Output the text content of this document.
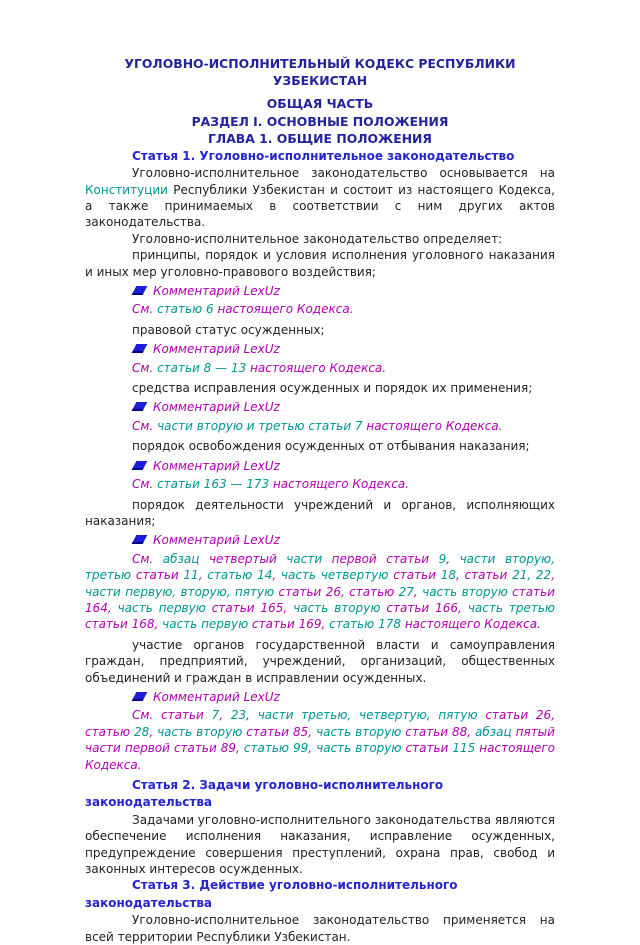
УГОЛОВНО-ИСПОЛНИТЕЛЬНЫЙ КОДЕКС РЕСПУБЛИКИ УЗБЕКИСТАН
ОБЩАЯ ЧАСТЬ
РАЗДЕЛ I. ОСНОВНЫЕ ПОЛОЖЕНИЯ
ГЛАВА 1. ОБЩИЕ ПОЛОЖЕНИЯ
Статья 1. Уголовно-исполнительное законодательство

Уголовно-исполнительное законодательство основывается на Конституции Республики Узбекистан и состоит из настоящего Кодекса, а также принимаемых в соответствии с ним других актов законодательства.

Уголовно-исполнительное законодательство определяет:

принципы, порядок и условия исполнения уголовного наказания и иных мер уголовно-правового воздействия;

Комментарий LexUz

См. статью 6 настоящего Кодекса.

правовой статус осужденных;

Комментарий LexUz

См. статьи 8 — 13 настоящего Кодекса.

средства исправления осужденных и порядок их применения;

Комментарий LexUz

См. части вторую и третью статьи 7 настоящего Кодекса.

порядок освобождения осужденных от отбывания наказания;

Комментарий LexUz

См. статьи 163 — 173 настоящего Кодекса.

порядок деятельности учреждений и органов, исполняющих наказания;

Комментарий LexUz

См. абзац четвертый части первой статьи 9, части вторую, третью статьи 11, статью 14, часть четвертую статьи 18, статьи 21, 22, части первую, вторую, пятую статьи 26, статью 27, часть вторую статьи 164, часть первую статьи 165, часть вторую статьи 166, часть третью статьи 168, часть первую статьи 169, статью 178 настоящего Кодекса.

участие органов государственной власти и самоуправления граждан, предприятий, учреждений, организаций, общественных объединений и граждан в исправлении осужденных.

Комментарий LexUz

См. статьи 7, 23, части третью, четвертую, пятую статьи 26, статью 28, часть вторую статьи 85, часть вторую статьи 88, абзац пятый части первой статьи 89, статью 99, часть вторую статьи 115 настоящего Кодекса.

Статья 2. Задачи уголовно-исполнительного законодательства

Задачами уголовно-исполнительного законодательства являются обеспечение исполнения наказания, исправление осужденных, предупреждение совершения преступлений, охрана прав, свобод и законных интересов осужденных.

Статья 3. Действие уголовно-исполнительного законодательства

Уголовно-исполнительное законодательство применяется на всей территории Республики Узбекистан.
